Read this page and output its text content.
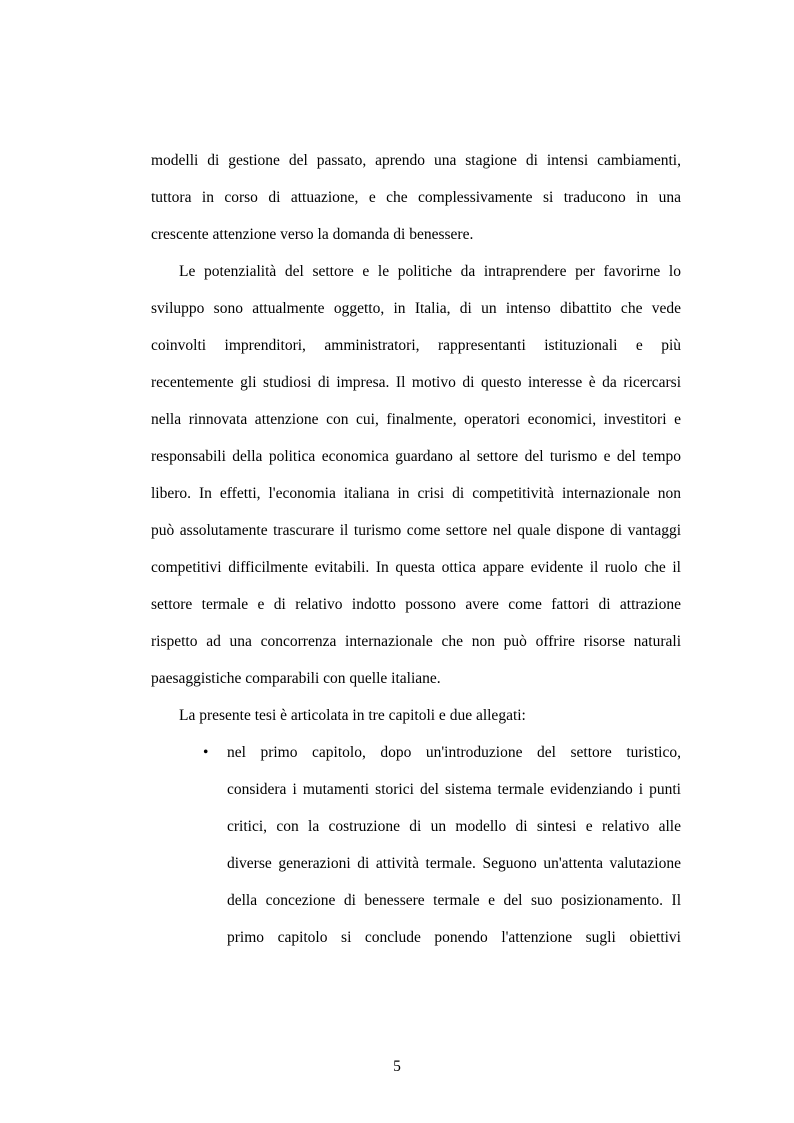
modelli di gestione del passato, aprendo una stagione di intensi cambiamenti,
tuttora in corso di attuazione, e che complessivamente si traducono in una
crescente attenzione verso la domanda di benessere.
Le potenzialità del settore e le politiche da intraprendere per favorirne lo
sviluppo sono attualmente oggetto, in Italia, di un intenso dibattito che vede
coinvolti imprenditori, amministratori, rappresentanti istituzionali e più
recentemente gli studiosi di impresa. Il motivo di questo interesse è da ricercarsi
nella rinnovata attenzione con cui, finalmente, operatori economici, investitori e
responsabili della politica economica guardano al settore del turismo e del tempo
libero. In effetti, l'economia italiana in crisi di competitività internazionale non
può assolutamente trascurare il turismo come settore nel quale dispone di vantaggi
competitivi difficilmente evitabili. In questa ottica appare evidente il ruolo che il
settore termale e di relativo indotto possono avere come fattori di attrazione
rispetto ad una concorrenza internazionale che non può offrire risorse naturali
paesaggistiche comparabili con quelle italiane.
La presente tesi è articolata in tre capitoli e due allegati:
• nel primo capitolo, dopo un'introduzione del settore turistico,
considera i mutamenti storici del sistema termale evidenziando i punti
critici, con la costruzione di un modello di sintesi e relativo alle
diverse generazioni di attività termale. Seguono un'attenta valutazione
della concezione di benessere termale e del suo posizionamento. Il
primo capitolo si conclude ponendo l'attenzione sugli obiettivi
5
